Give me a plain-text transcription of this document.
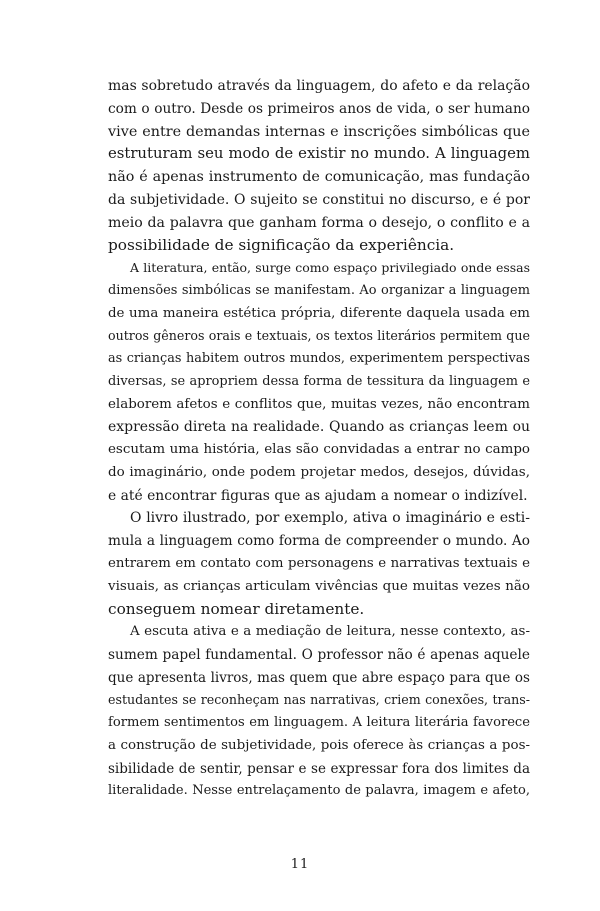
mas sobretudo através da linguagem, do afeto e da relação
com o outro. Desde os primeiros anos de vida, o ser humano
vive entre demandas internas e inscrições simbólicas que
estruturam seu modo de existir no mundo. A linguagem
não é apenas instrumento de comunicação, mas fundação
da subjetividade. O sujeito se constitui no discurso, e é por
meio da palavra que ganham forma o desejo, o conflito e a
possibilidade de significação da experiência.
A literatura, então, surge como espaço privilegiado onde essas
dimensões simbólicas se manifestam. Ao organizar a linguagem
de uma maneira estética própria, diferente daquela usada em
outros gêneros orais e textuais, os textos literários permitem que
as crianças habitem outros mundos, experimentem perspectivas
diversas, se apropriem dessa forma de tessitura da linguagem e
elaborem afetos e conflitos que, muitas vezes, não encontram
expressão direta na realidade. Quando as crianças leem ou
escutam uma história, elas são convidadas a entrar no campo
do imaginário, onde podem projetar medos, desejos, dúvidas,
e até encontrar figuras que as ajudam a nomear o indizível.
O livro ilustrado, por exemplo, ativa o imaginário e esti-
mula a linguagem como forma de compreender o mundo. Ao
entrarem em contato com personagens e narrativas textuais e
visuais, as crianças articulam vivências que muitas vezes não
conseguem nomear diretamente.
A escuta ativa e a mediação de leitura, nesse contexto, as-
sumem papel fundamental. O professor não é apenas aquele
que apresenta livros, mas quem que abre espaço para que os
estudantes se reconheçam nas narrativas, criem conexões, trans-
formem sentimentos em linguagem. A leitura literária favorece
a construção de subjetividade, pois oferece às crianças a pos-
sibilidade de sentir, pensar e se expressar fora dos limites da
literalidade. Nesse entrelaçamento de palavra, imagem e afeto,
11
